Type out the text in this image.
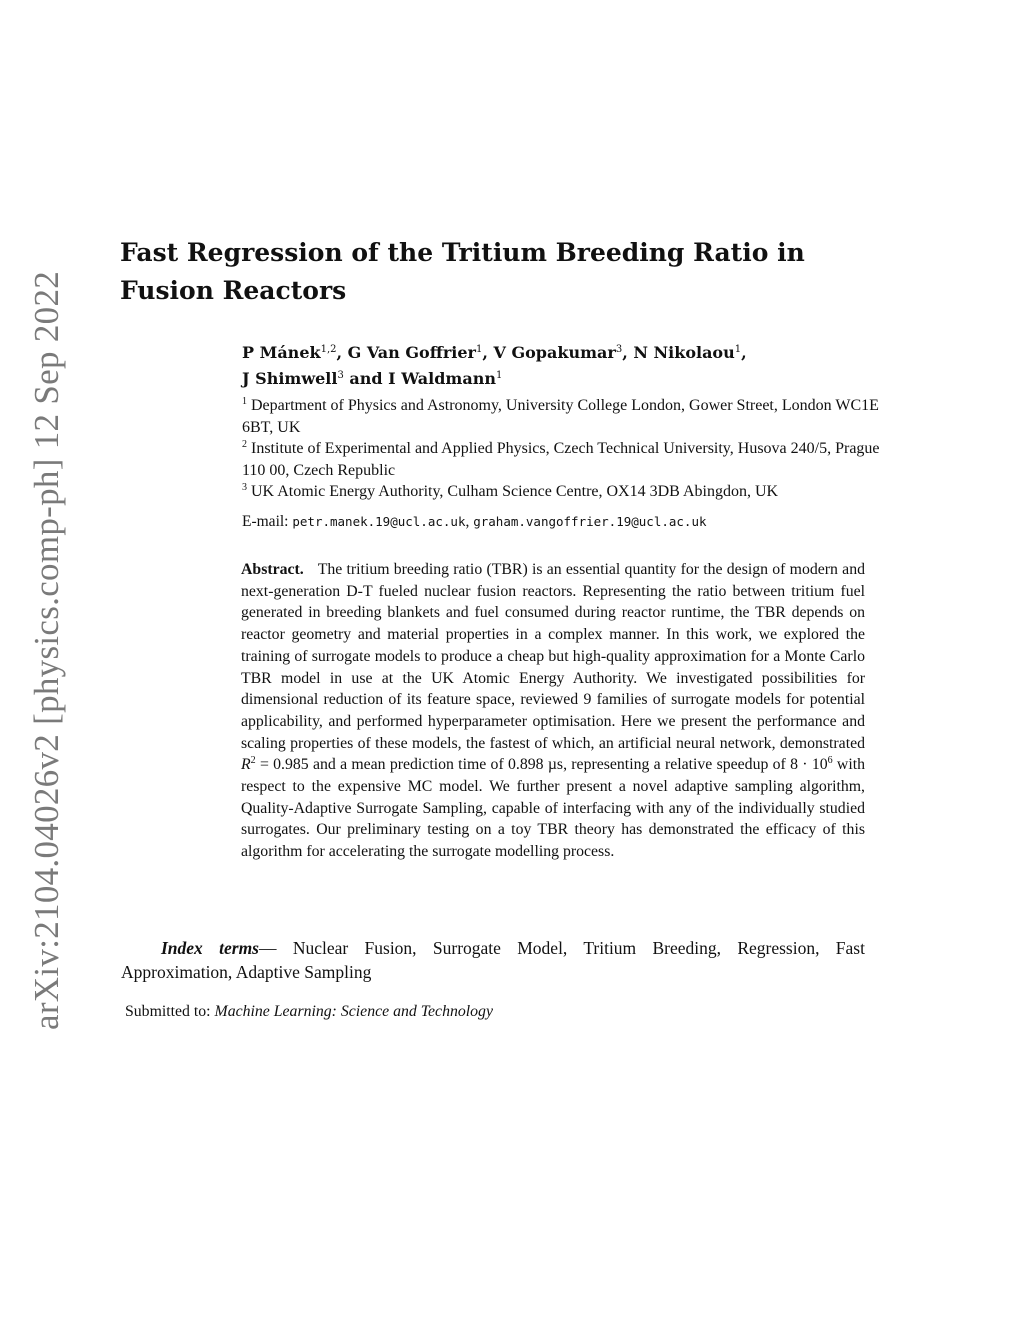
arXiv:2104.04026v2 [physics.comp-ph] 12 Sep 2022
Fast Regression of the Tritium Breeding Ratio in Fusion Reactors

P Mánek$^{1,2}$, G Van Goffrier$^1$, V Gopakumar$^3$, N Nikolaou$^1$,
J Shimwell$^3$ and I Waldmann$^1$

$^1$ Department of Physics and Astronomy, University College London, Gower Street, London WC1E 6BT, UK

$^2$ Institute of Experimental and Applied Physics, Czech Technical University, Husova 240/5, Prague 110 00, Czech Republic

$^3$ UK Atomic Energy Authority, Culham Science Centre, OX14 3DB Abingdon, UK

E-mail: petr.manek.19@ucl.ac.uk, graham.vangoffrier.19@ucl.ac.uk

Abstract. The tritium breeding ratio (TBR) is an essential quantity for the design of modern and next-generation D-T fueled nuclear fusion reactors. Representing the ratio between tritium fuel generated in breeding blankets and fuel consumed during reactor runtime, the TBR depends on reactor geometry and material properties in a complex manner. In this work, we explored the training of surrogate models to produce a cheap but high-quality approximation for a Monte Carlo TBR model in use at the UK Atomic Energy Authority. We investigated possibilities for dimensional reduction of its feature space, reviewed 9 families of surrogate models for potential applicability, and performed hyperparameter optimisation. Here we present the performance and scaling properties of these models, the fastest of which, an artificial neural network, demonstrated $R^2 = 0.985$ and a mean prediction time of 0.898 µs, representing a relative speedup of $8 \cdot 10^6$ with respect to the expensive MC model. We further present a novel adaptive sampling algorithm, Quality-Adaptive Surrogate Sampling, capable of interfacing with any of the individually studied surrogates. Our preliminary testing on a toy TBR theory has demonstrated the efficacy of this algorithm for accelerating the surrogate modelling process.

Index terms— Nuclear Fusion, Surrogate Model, Tritium Breeding, Regression, Fast Approximation, Adaptive Sampling

Submitted to: Machine Learning: Science and Technology
